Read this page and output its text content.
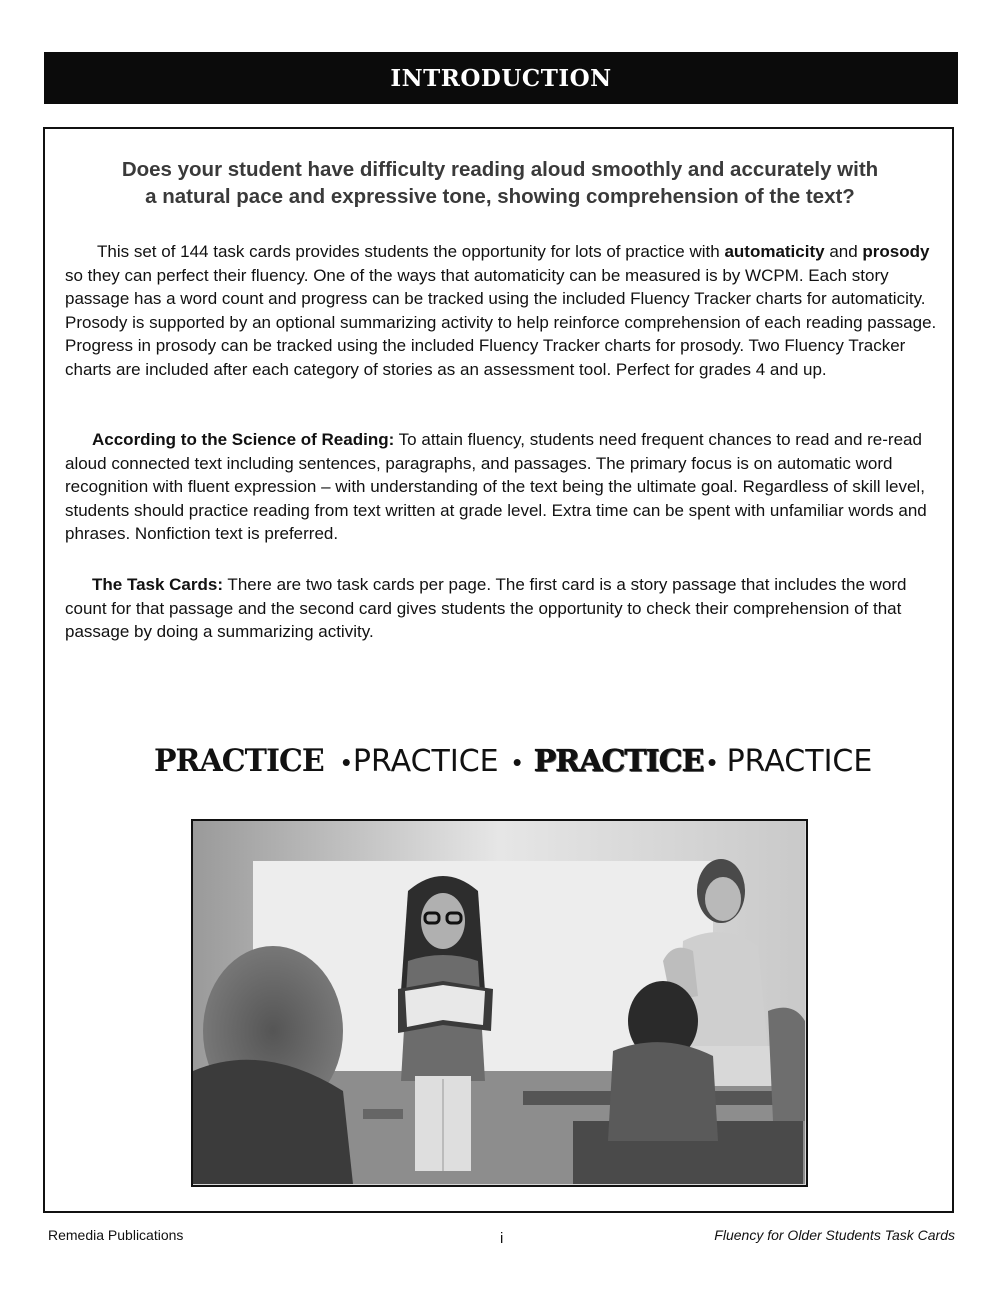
INTRODUCTION
Does your student have difficulty reading aloud smoothly and accurately with
a natural pace and expressive tone, showing comprehension of the text?
This set of 144 task cards provides students the opportunity for lots of practice with automaticity and prosody so they can perfect their fluency. One of the ways that automaticity can be measured is by WCPM. Each story passage has a word count and progress can be tracked using the included Fluency Tracker charts for automaticity. Prosody is supported by an optional summarizing activity to help reinforce comprehension of each reading passage. Progress in prosody can be tracked using the included Fluency Tracker charts for prosody. Two Fluency Tracker charts are included after each category of stories as an assessment tool. Perfect for grades 4 and up.
According to the Science of Reading: To attain fluency, students need frequent chances to read and re-read aloud connected text including sentences, paragraphs, and passages. The primary focus is on automatic word recognition with fluent expression – with understanding of the text being the ultimate goal. Regardless of skill level, students should practice reading from text written at grade level. Extra time can be spent with unfamiliar words and phrases. Nonfiction text is preferred.
The Task Cards: There are two task cards per page. The first card is a story passage that includes the word count for that passage and the second card gives students the opportunity to check their comprehension of that passage by doing a summarizing activity.
PRACTICE • PRACTICE • PRACTICE • PRACTICE
Remedia Publications	i	Fluency for Older Students Task Cards
